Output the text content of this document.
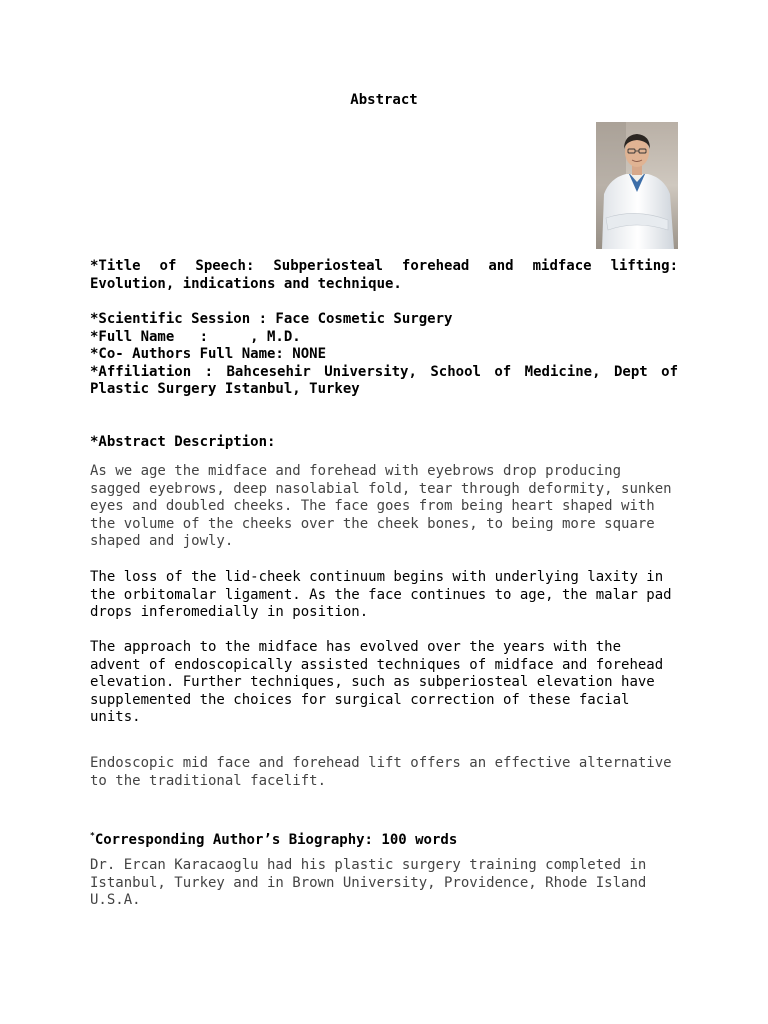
Abstract
*Title of Speech: Subperiosteal forehead and midface lifting: Evolution, indications and technique.
*Scientific Session : Face Cosmetic Surgery
*Full Name   :     , M.D.
*Co- Authors Full Name: NONE

*Affiliation : Bahcesehir University, School of Medicine, Dept of Plastic Surgery Istanbul, Turkey

*Abstract Description:

As we age the midface and forehead with eyebrows drop producing sagged eyebrows, deep nasolabial fold, tear through deformity, sunken eyes and doubled cheeks. The face goes from being heart shaped with the volume of the cheeks over the cheek bones, to being more square shaped and jowly.

The loss of the lid-cheek continuum begins with underlying laxity in the orbitomalar ligament. As the face continues to age, the malar pad drops inferomedially in position.

The approach to the midface has evolved over the years with the advent of endoscopically assisted techniques of midface and forehead elevation. Further techniques, such as subperiosteal elevation have supplemented the choices for surgical correction of these facial units.

Endoscopic mid face and forehead lift offers an effective alternative to the traditional facelift.

*Corresponding Author’s Biography: 100 words

Dr. Ercan Karacaoglu had his plastic surgery training completed in Istanbul, Turkey and in Brown University, Providence, Rhode Island U.S.A.
